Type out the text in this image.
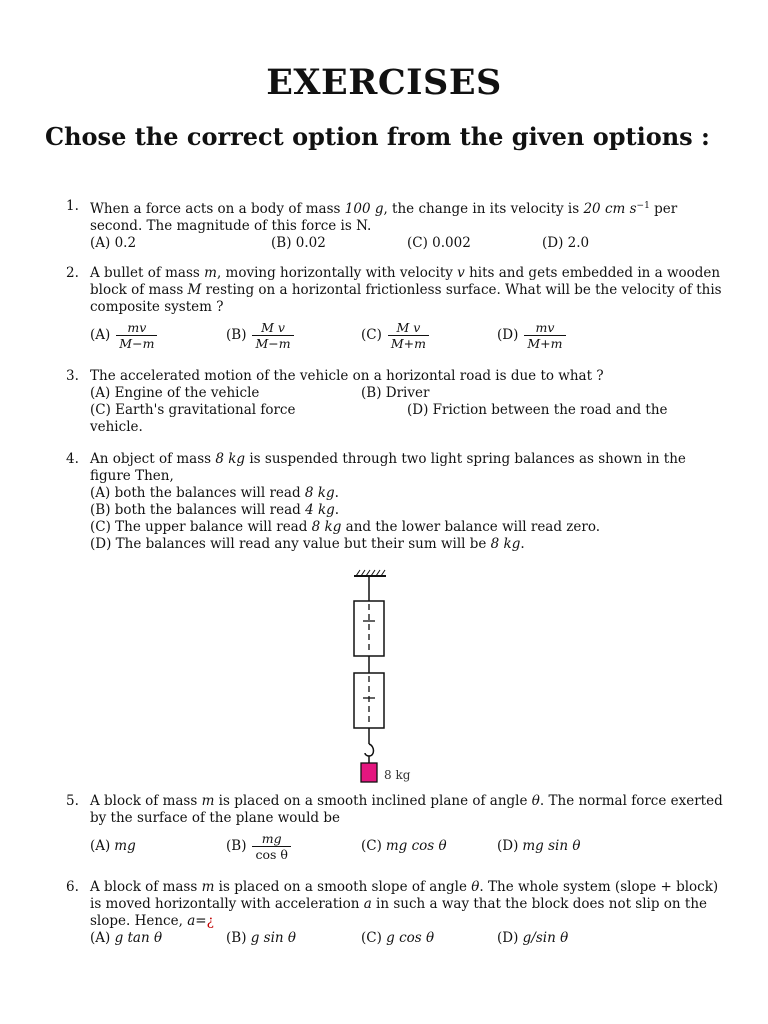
EXERCISES
Chose the correct option from the given options :
1. When a force acts on a body of mass 100 g, the change in its velocity is 20 cm $s^{-1}$ per second. The magnitude of this force is N.
(A) 0.2	(B) 0.02	(C) 0.002	(D) 2.0
2. A bullet of mass m, moving horizontally with velocity v hits and gets embedded in a wooden block of mass M resting on a horizontal frictionless surface. What will be the velocity of this composite system ?
$(A) \frac{mv}{M-m}$	$(B) \frac{\text{M v}}{M-m}$	$(C) \frac{\text{M v}}{M+m}$	$(D) \frac{mv}{M+m}$
3. The accelerated motion of the vehicle on a horizontal road is due to what ?
(A) Engine of the vehicle	(B) Driver
(C) Earth's gravitational force	(D) Friction between the road and the
vehicle.
4. An object of mass 8 kg is suspended through two light spring balances as shown in the figure Then,
(A) both the balances will read 8 kg.
(B) both the balances will read 4 kg.
(C) The upper balance will read 8 kg and the lower balance will read zero.
(D) The balances will read any value but their sum will be 8 kg.
8 kg
5. A block of mass m is placed on a smooth inclined plane of angle θ. The normal force exerted by the surface of the plane would be
(A) mg	$(B) \frac{mg}{\text{cos θ}}$	(C) mg cos θ	(D) mg sin θ
6. A block of mass m is placed on a smooth slope of angle θ. The whole system (slope + block) is moved horizontally with acceleration a in such a way that the block does not slip on the slope. Hence, a=¿
(A) g tan θ	(B) g sin θ	(C) g cos θ	(D) g/sin θ
